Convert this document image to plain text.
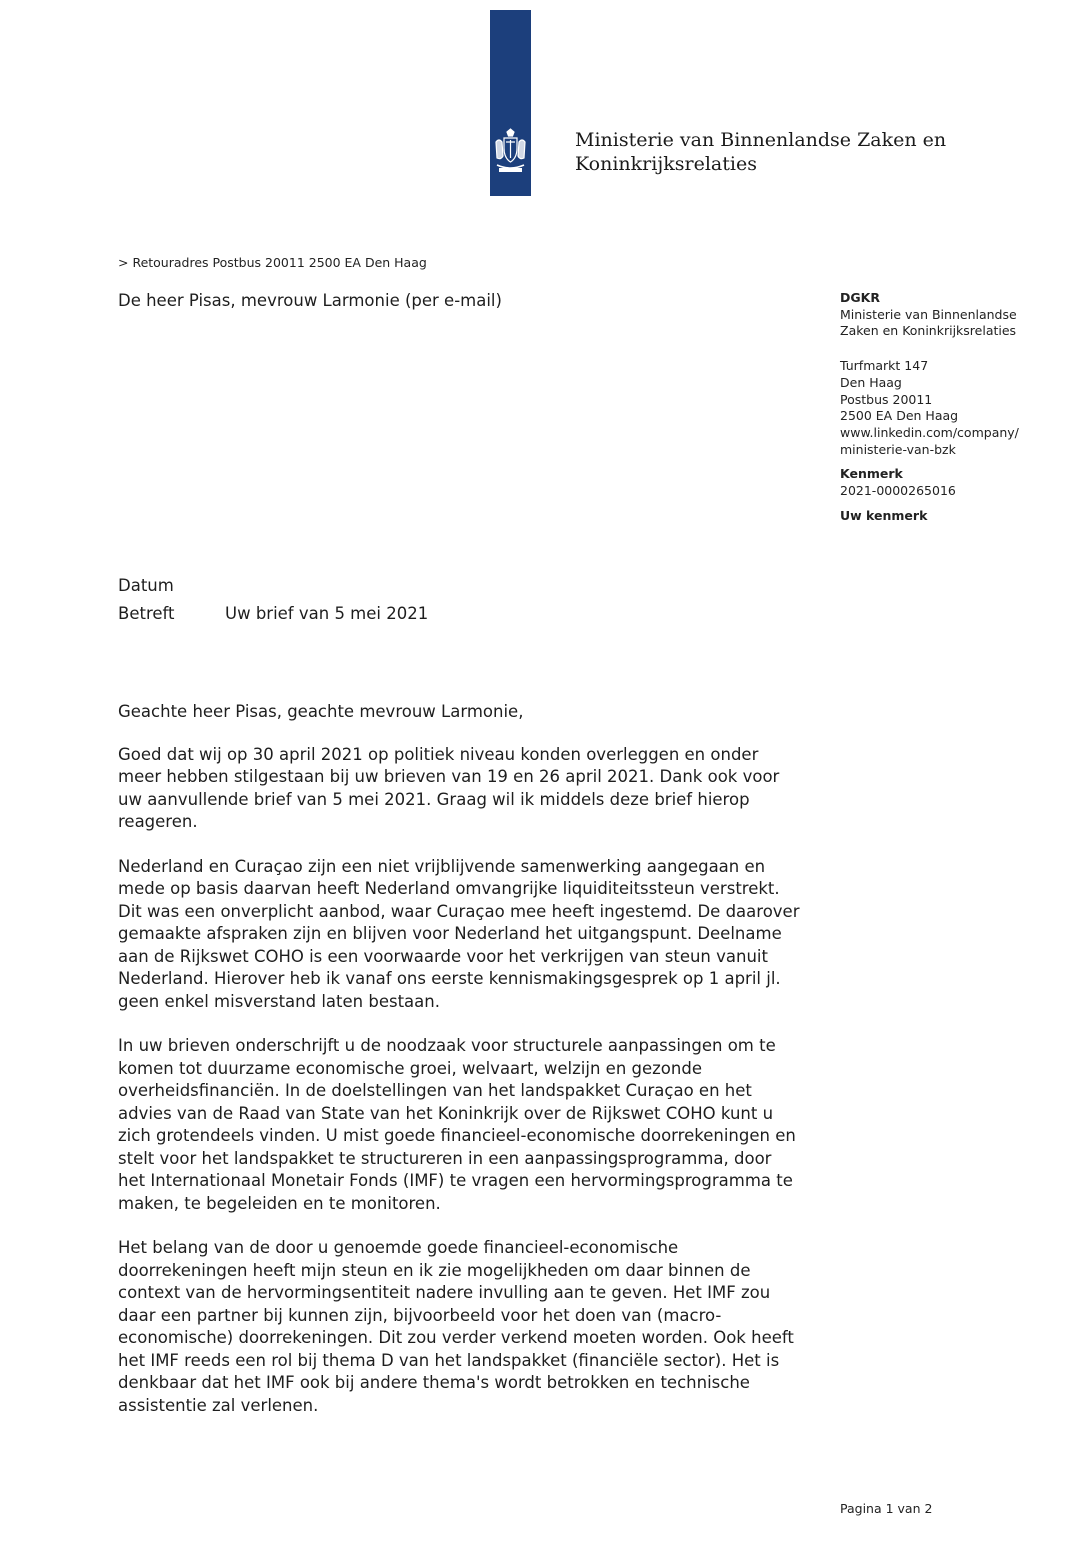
Ministerie van Binnenlandse Zaken en
Koninkrijksrelaties
> Retouradres Postbus 20011 2500 EA Den Haag
De heer Pisas, mevrouw Larmonie (per e-mail)	DGKR
Ministerie van Binnenlandse
Zaken en Koninkrijksrelaties
Turfmarkt 147
Den Haag
Postbus 20011
2500 EA Den Haag
www.linkedin.com/company/
ministerie-van-bzk
Kenmerk
2021-0000265016
Uw kenmerk
Datum
Betreft	Uw brief van 5 mei 2021

Geachte heer Pisas, geachte mevrouw Larmonie,

Goed dat wij op 30 april 2021 op politiek niveau konden overleggen en onder
meer hebben stilgestaan bij uw brieven van 19 en 26 april 2021. Dank ook voor
uw aanvullende brief van 5 mei 2021. Graag wil ik middels deze brief hierop
reageren.

Nederland en Curaçao zijn een niet vrijblijvende samenwerking aangegaan en
mede op basis daarvan heeft Nederland omvangrijke liquiditeitssteun verstrekt.
Dit was een onverplicht aanbod, waar Curaçao mee heeft ingestemd. De daarover
gemaakte afspraken zijn en blijven voor Nederland het uitgangspunt. Deelname
aan de Rijkswet COHO is een voorwaarde voor het verkrijgen van steun vanuit
Nederland. Hierover heb ik vanaf ons eerste kennismakingsgesprek op 1 april jl.
geen enkel misverstand laten bestaan.

In uw brieven onderschrijft u de noodzaak voor structurele aanpassingen om te
komen tot duurzame economische groei, welvaart, welzijn en gezonde
overheidsfinanciën. In de doelstellingen van het landspakket Curaçao en het
advies van de Raad van State van het Koninkrijk over de Rijkswet COHO kunt u
zich grotendeels vinden. U mist goede financieel-economische doorrekeningen en
stelt voor het landspakket te structureren in een aanpassingsprogramma, door
het Internationaal Monetair Fonds (IMF) te vragen een hervormingsprogramma te
maken, te begeleiden en te monitoren.

Het belang van de door u genoemde goede financieel-economische
doorrekeningen heeft mijn steun en ik zie mogelijkheden om daar binnen de
context van de hervormingsentiteit nadere invulling aan te geven. Het IMF zou
daar een partner bij kunnen zijn, bijvoorbeeld voor het doen van (macro-
economische) doorrekeningen. Dit zou verder verkend moeten worden. Ook heeft
het IMF reeds een rol bij thema D van het landspakket (financiële sector). Het is
denkbaar dat het IMF ook bij andere thema's wordt betrokken en technische
assistentie zal verlenen.

Pagina 1 van 2
